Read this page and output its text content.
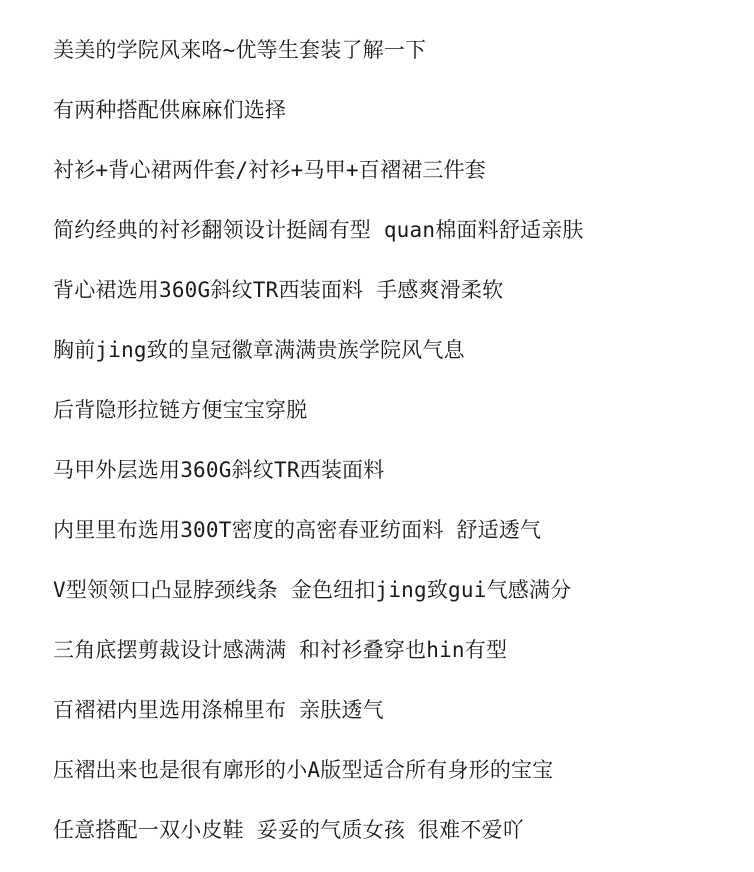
美美的学院风来咯~优等生套装了解一下
有两种搭配供麻麻们选择
衬衫+背心裙两件套/衬衫+马甲+百褶裙三件套
简约经典的衬衫翻领设计挺阔有型 quan棉面料舒适亲肤
背心裙选用360G斜纹TR西装面料 手感爽滑柔软
胸前jing致的皇冠徽章满满贵族学院风气息
后背隐形拉链方便宝宝穿脱
马甲外层选用360G斜纹TR西装面料
内里里布选用300T密度的高密春亚纺面料 舒适透气
V型领领口凸显脖颈线条 金色纽扣jing致gui气感满分
三角底摆剪裁设计感满满 和衬衫叠穿也hin有型
百褶裙内里选用涤棉里布 亲肤透气
压褶出来也是很有廓形的小A版型适合所有身形的宝宝
任意搭配一双小皮鞋 妥妥的气质女孩 很难不爱吖
